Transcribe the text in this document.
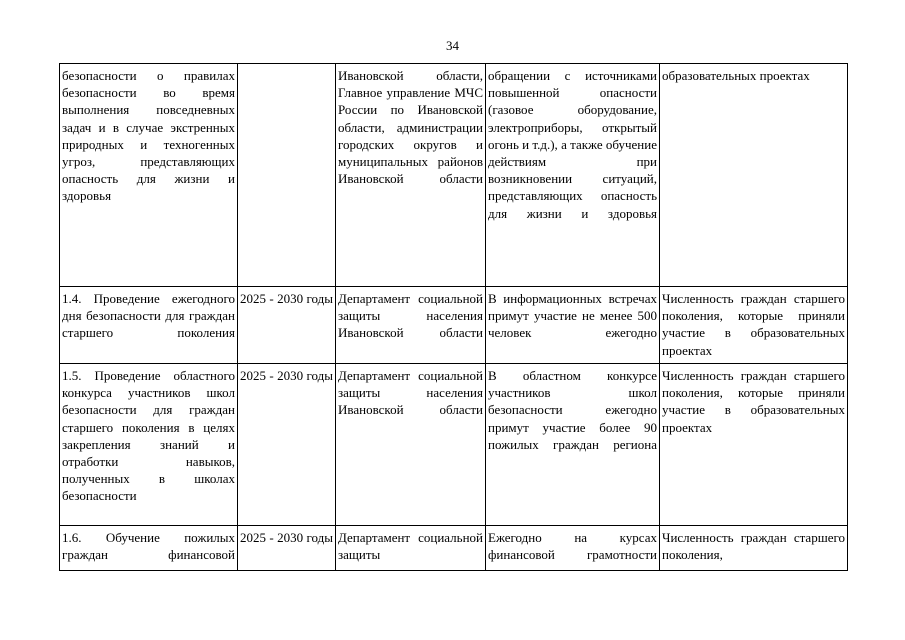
34
безопасности о правилах безопасности во время выполнения повседневных задач и в случае экстренных природных и техногенных угроз, представляющих опасность для жизни и здоровья		Ивановской области, Главное управление МЧС России по Ивановской области, администрации городских округов и муниципальных районов Ивановской области	обращении с источниками повышенной опасности (газовое оборудование, электроприборы, открытый огонь и т.д.), а также обучение действиям при возникновении ситуаций, представляющих опасность для жизни и здоровья	образовательных проектах
1.4. Проведение ежегодного дня безопасности для граждан старшего поколения	2025 - 2030 годы	Департамент социальной защиты населения Ивановской области	В информационных встречах примут участие не менее 500 человек ежегодно	Численность граждан старшего поколения, которые приняли участие в образовательных проектах
1.5. Проведение областного конкурса участников школ безопасности для граждан старшего поколения в целях закрепления знаний и отработки навыков, полученных в школах безопасности	2025 - 2030 годы	Департамент социальной защиты населения Ивановской области	В областном конкурсе участников школ безопасности ежегодно примут участие более 90 пожилых граждан региона	Численность граждан старшего поколения, которые приняли участие в образовательных проектах
1.6. Обучение пожилых граждан финансовой	2025 - 2030 годы	Департамент социальной защиты	Ежегодно на курсах финансовой грамотности	Численность граждан старшего поколения,
